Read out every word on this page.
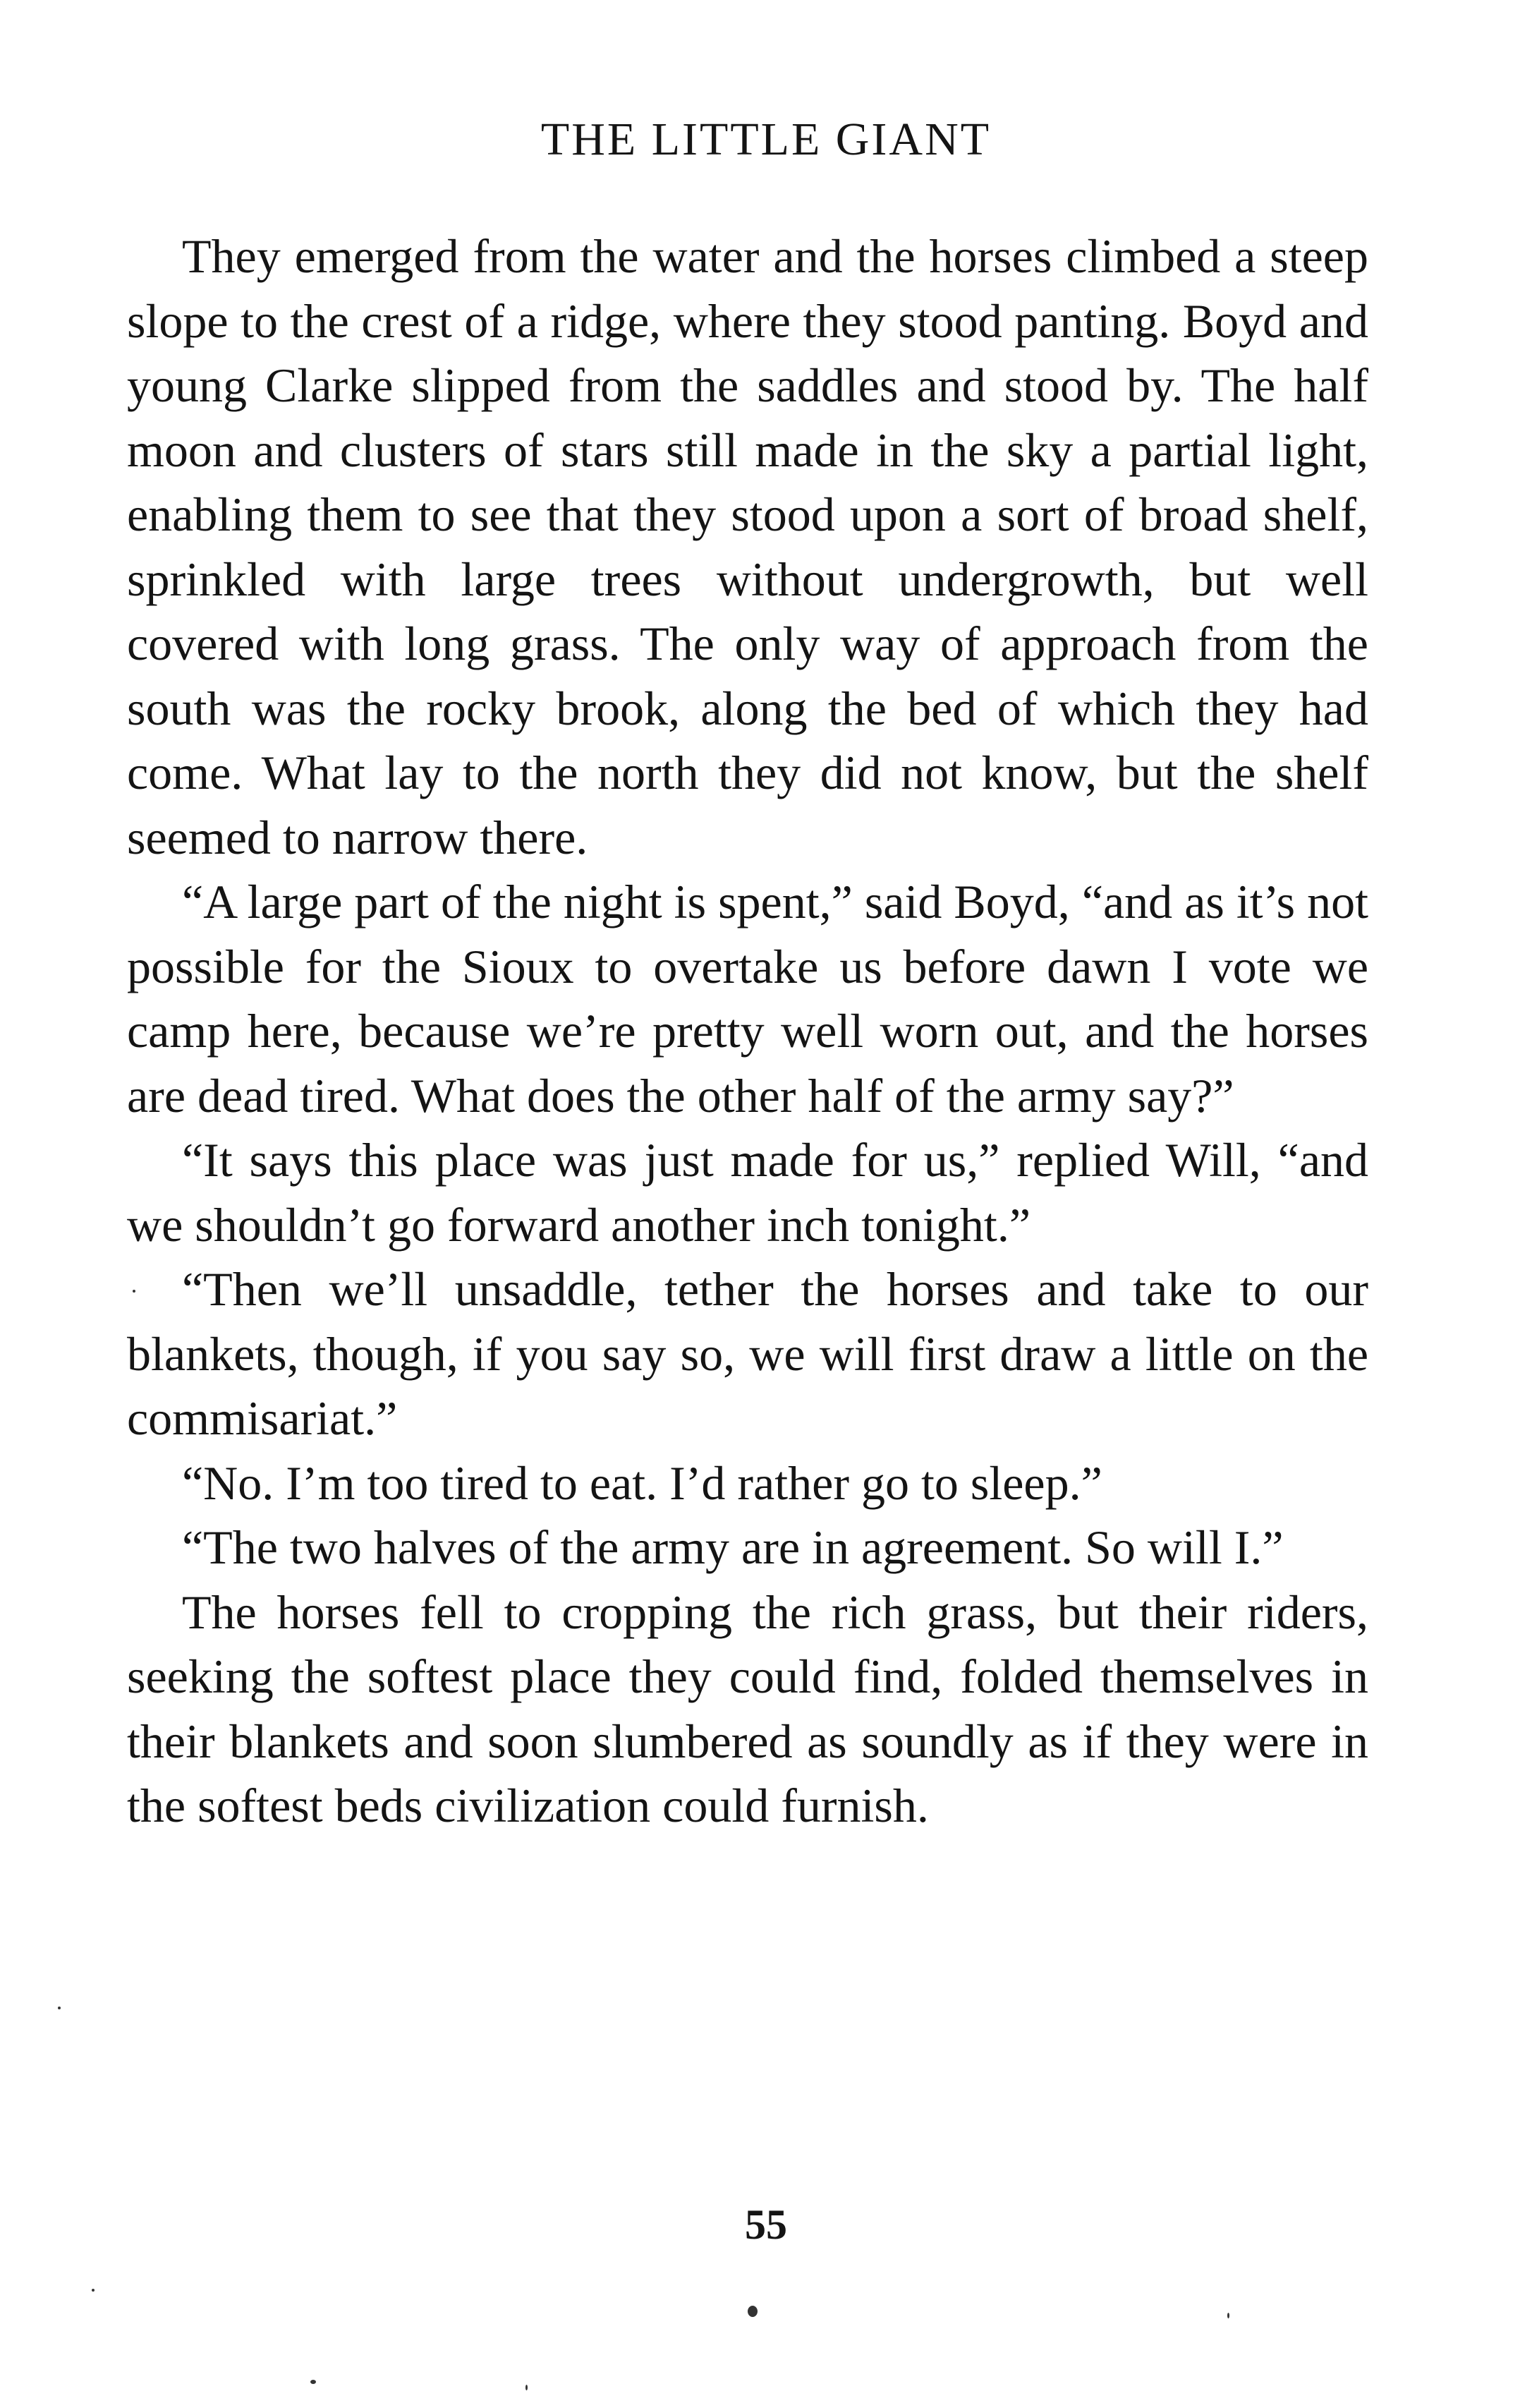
THE LITTLE GIANT

They emerged from the water and the horses climbed a steep slope to the crest of a ridge, where they stood panting. Boyd and young Clarke slipped from the saddles and stood by. The half moon and clusters of stars still made in the sky a partial light, enabling them to see that they stood upon a sort of broad shelf, sprinkled with large trees without undergrowth, but well covered with long grass. The only way of approach from the south was the rocky brook, along the bed of which they had come. What lay to the north they did not know, but the shelf seemed to narrow there.

“A large part of the night is spent,” said Boyd, “and as it’s not possible for the Sioux to overtake us before dawn I vote we camp here, because we’re pretty well worn out, and the horses are dead tired. What does the other half of the army say?”

“It says this place was just made for us,” replied Will, “and we shouldn’t go forward another inch tonight.”

“Then we’ll unsaddle, tether the horses and take to our blankets, though, if you say so, we will first draw a little on the commisariat.”

“No. I’m too tired to eat. I’d rather go to sleep.”

“The two halves of the army are in agreement. So will I.”

The horses fell to cropping the rich grass, but their riders, seeking the softest place they could find, folded themselves in their blankets and soon slumbered as soundly as if they were in the softest beds civilization could furnish.

55
